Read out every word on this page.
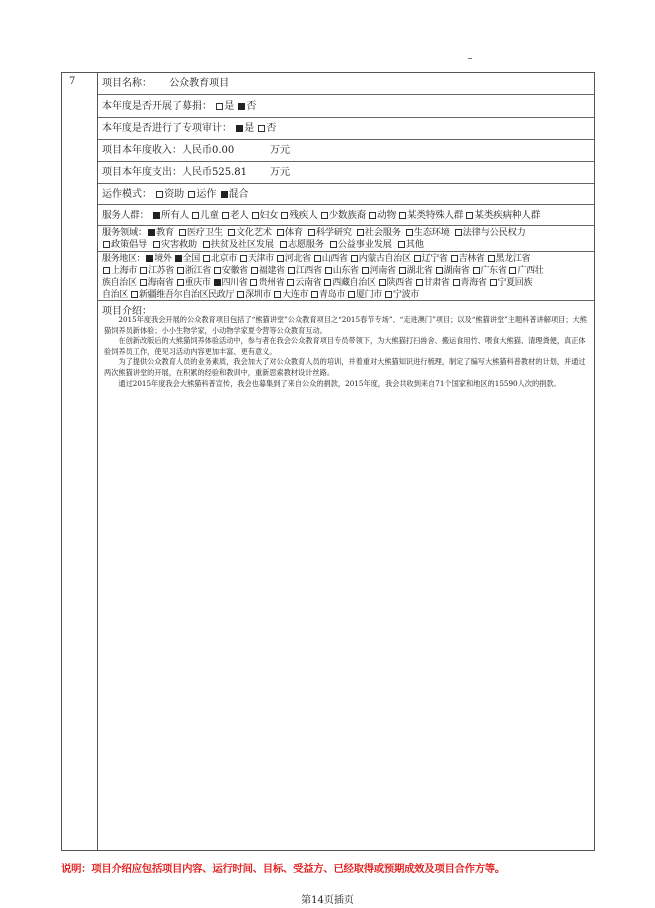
7	项目名称： 公众教育项目
本年度是否开展了募捐： 是 否
本年度是否进行了专项审计： 是 否
项目本年度收入：人民币0.00	万元
项目本年度支出：人民币525.81 万元
运作模式： 资助 运作 混合
服务人群： 所有人 儿童 老人 妇女 残疾人 少数族裔 动物 某类特殊人群 某类疾病种人群
服务领域： 教育 医疗卫生 文化艺术 体育 科学研究 社会服务 生态环境 法律与公民权力
政策倡导 灾害救助 扶贫及社区发展 志愿服务 公益事业发展 其他
服务地区： 境外 全国 北京市 天津市 河北省 山西省 内蒙古自治区 辽宁省 吉林省 黑龙江省
上海市 江苏省 浙江省 安徽省 福建省 江西省 山东省 河南省 湖北省 湖南省 广东省 广西壮
族自治区 海南省 重庆市 四川省 贵州省 云南省 西藏自治区 陕西省 甘肃省 青海省 宁夏回族
自治区 新疆维吾尔自治区民政厅 深圳市 大连市 青岛市 厦门市 宁波市
项目介绍：

2015年度我会开展的公众教育项目包括了“熊猫讲堂”公众教育项目之“2015春节专场”、“走进澳门”项目；以及“熊猫讲堂”主题科普讲解项目；大熊猫饲养员新体验；小小生物学家，小动物学家夏令营等公众教育互动。

在创新改版后的大熊猫饲养体验活动中，参与者在我会公众教育项目专员带领下，为大熊猫打扫兽舍、搬运食用竹、喂食大熊猫、清理粪便，真正体验饲养员工作，使见习活动内容更加丰富、更有意义。

为了提供公众教育人员的业务素质，我会加大了对公众教育人员的培训，并着重对大熊猫知识进行梳理，制定了编写大熊猫科普教材的计划，并通过两次熊猫讲堂的开展，在积累的经验和教训中，重新思索教材设计丝路。

通过2015年度我会大熊猫科普宣传，我会也募集到了来自公众的捐款，2015年度，我会共收到来自71个国家和地区的15590人次的捐款。

说明：项目介绍应包括项目内容、运行时间、目标、受益方、已经取得或预期成效及项目合作方等。
第14页插页
